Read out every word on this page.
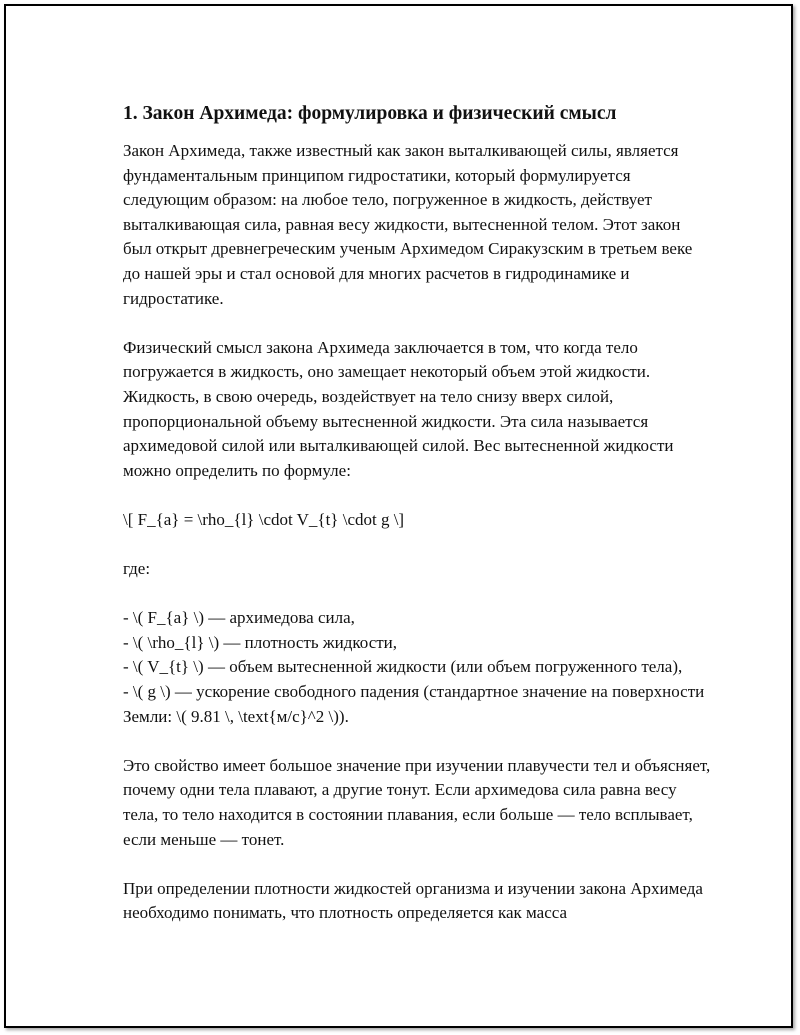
1. Закон Архимеда: формулировка и физический смысл

Закон Архимеда, также известный как закон выталкивающей силы, является фундаментальным принципом гидростатики, который формулируется следующим образом: на любое тело, погруженное в жидкость, действует выталкивающая сила, равная весу жидкости, вытесненной телом. Этот закон был открыт древнегреческим ученым Архимедом Сиракузским в третьем веке до нашей эры и стал основой для многих расчетов в гидродинамике и гидростатике.

Физический смысл закона Архимеда заключается в том, что когда тело погружается в жидкость, оно замещает некоторый объем этой жидкости. Жидкость, в свою очередь, воздействует на тело снизу вверх силой, пропорциональной объему вытесненной жидкости. Эта сила называется архимедовой силой или выталкивающей силой. Вес вытесненной жидкости можно определить по формуле:

\[ F_{a} = \rho_{l} \cdot V_{t} \cdot g \]

где:

- \( F_{a} \) — архимедова сила,
- \( \rho_{l} \) — плотность жидкости,
- \( V_{t} \) — объем вытесненной жидкости (или объем погруженного тела),
- \( g \) — ускорение свободного падения (стандартное значение на поверхности Земли: \( 9.81 \, \text{м/с}^2 \)).

Это свойство имеет большое значение при изучении плавучести тел и объясняет, почему одни тела плавают, а другие тонут. Если архимедова сила равна весу тела, то тело находится в состоянии плавания, если больше — тело всплывает, если меньше — тонет.

При определении плотности жидкостей организма и изучении закона Архимеда необходимо понимать, что плотность определяется как масса
